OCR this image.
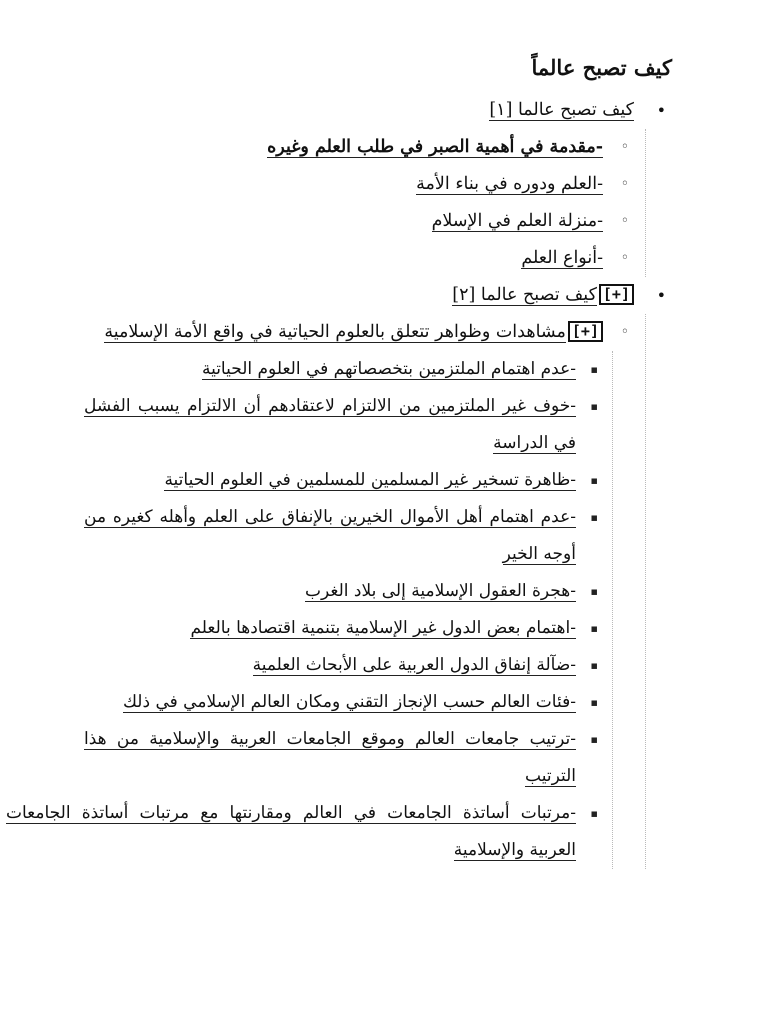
كيف تصبح عالماً
• كيف تصبح عالما [١]
◦ -مقدمة في أهمية الصبر في طلب العلم وغيره
◦ -العلم ودوره في بناء الأمة
◦ -منزلة العلم في الإسلام
◦ -أنواع العلم
• [+]كيف تصبح عالما [٢]
◦ [+]مشاهدات وظواهر تتعلق بالعلوم الحياتية في واقع الأمة الإسلامية
▪ -عدم اهتمام الملتزمين بتخصصاتهم في العلوم الحياتية
▪ -خوف غير الملتزمين من الالتزام لاعتقادهم أن الالتزام يسبب الفشل في الدراسة
▪ -ظاهرة تسخير غير المسلمين للمسلمين في العلوم الحياتية
▪ -عدم اهتمام أهل الأموال الخيرين بالإنفاق على العلم وأهله كغيره من أوجه الخير
▪ -هجرة العقول الإسلامية إلى بلاد الغرب
▪ -اهتمام بعض الدول غير الإسلامية بتنمية اقتصادها بالعلم
▪ -ضآلة إنفاق الدول العربية على الأبحاث العلمية
▪ -فئات العالم حسب الإنجاز التقني ومكان العالم الإسلامي في ذلك
▪ -ترتيب جامعات العالم وموقع الجامعات العربية والإسلامية من هذا الترتيب
▪ -مرتبات أساتذة الجامعات في العالم ومقارنتها مع مرتبات أساتذة الجامعات العربية والإسلامية
